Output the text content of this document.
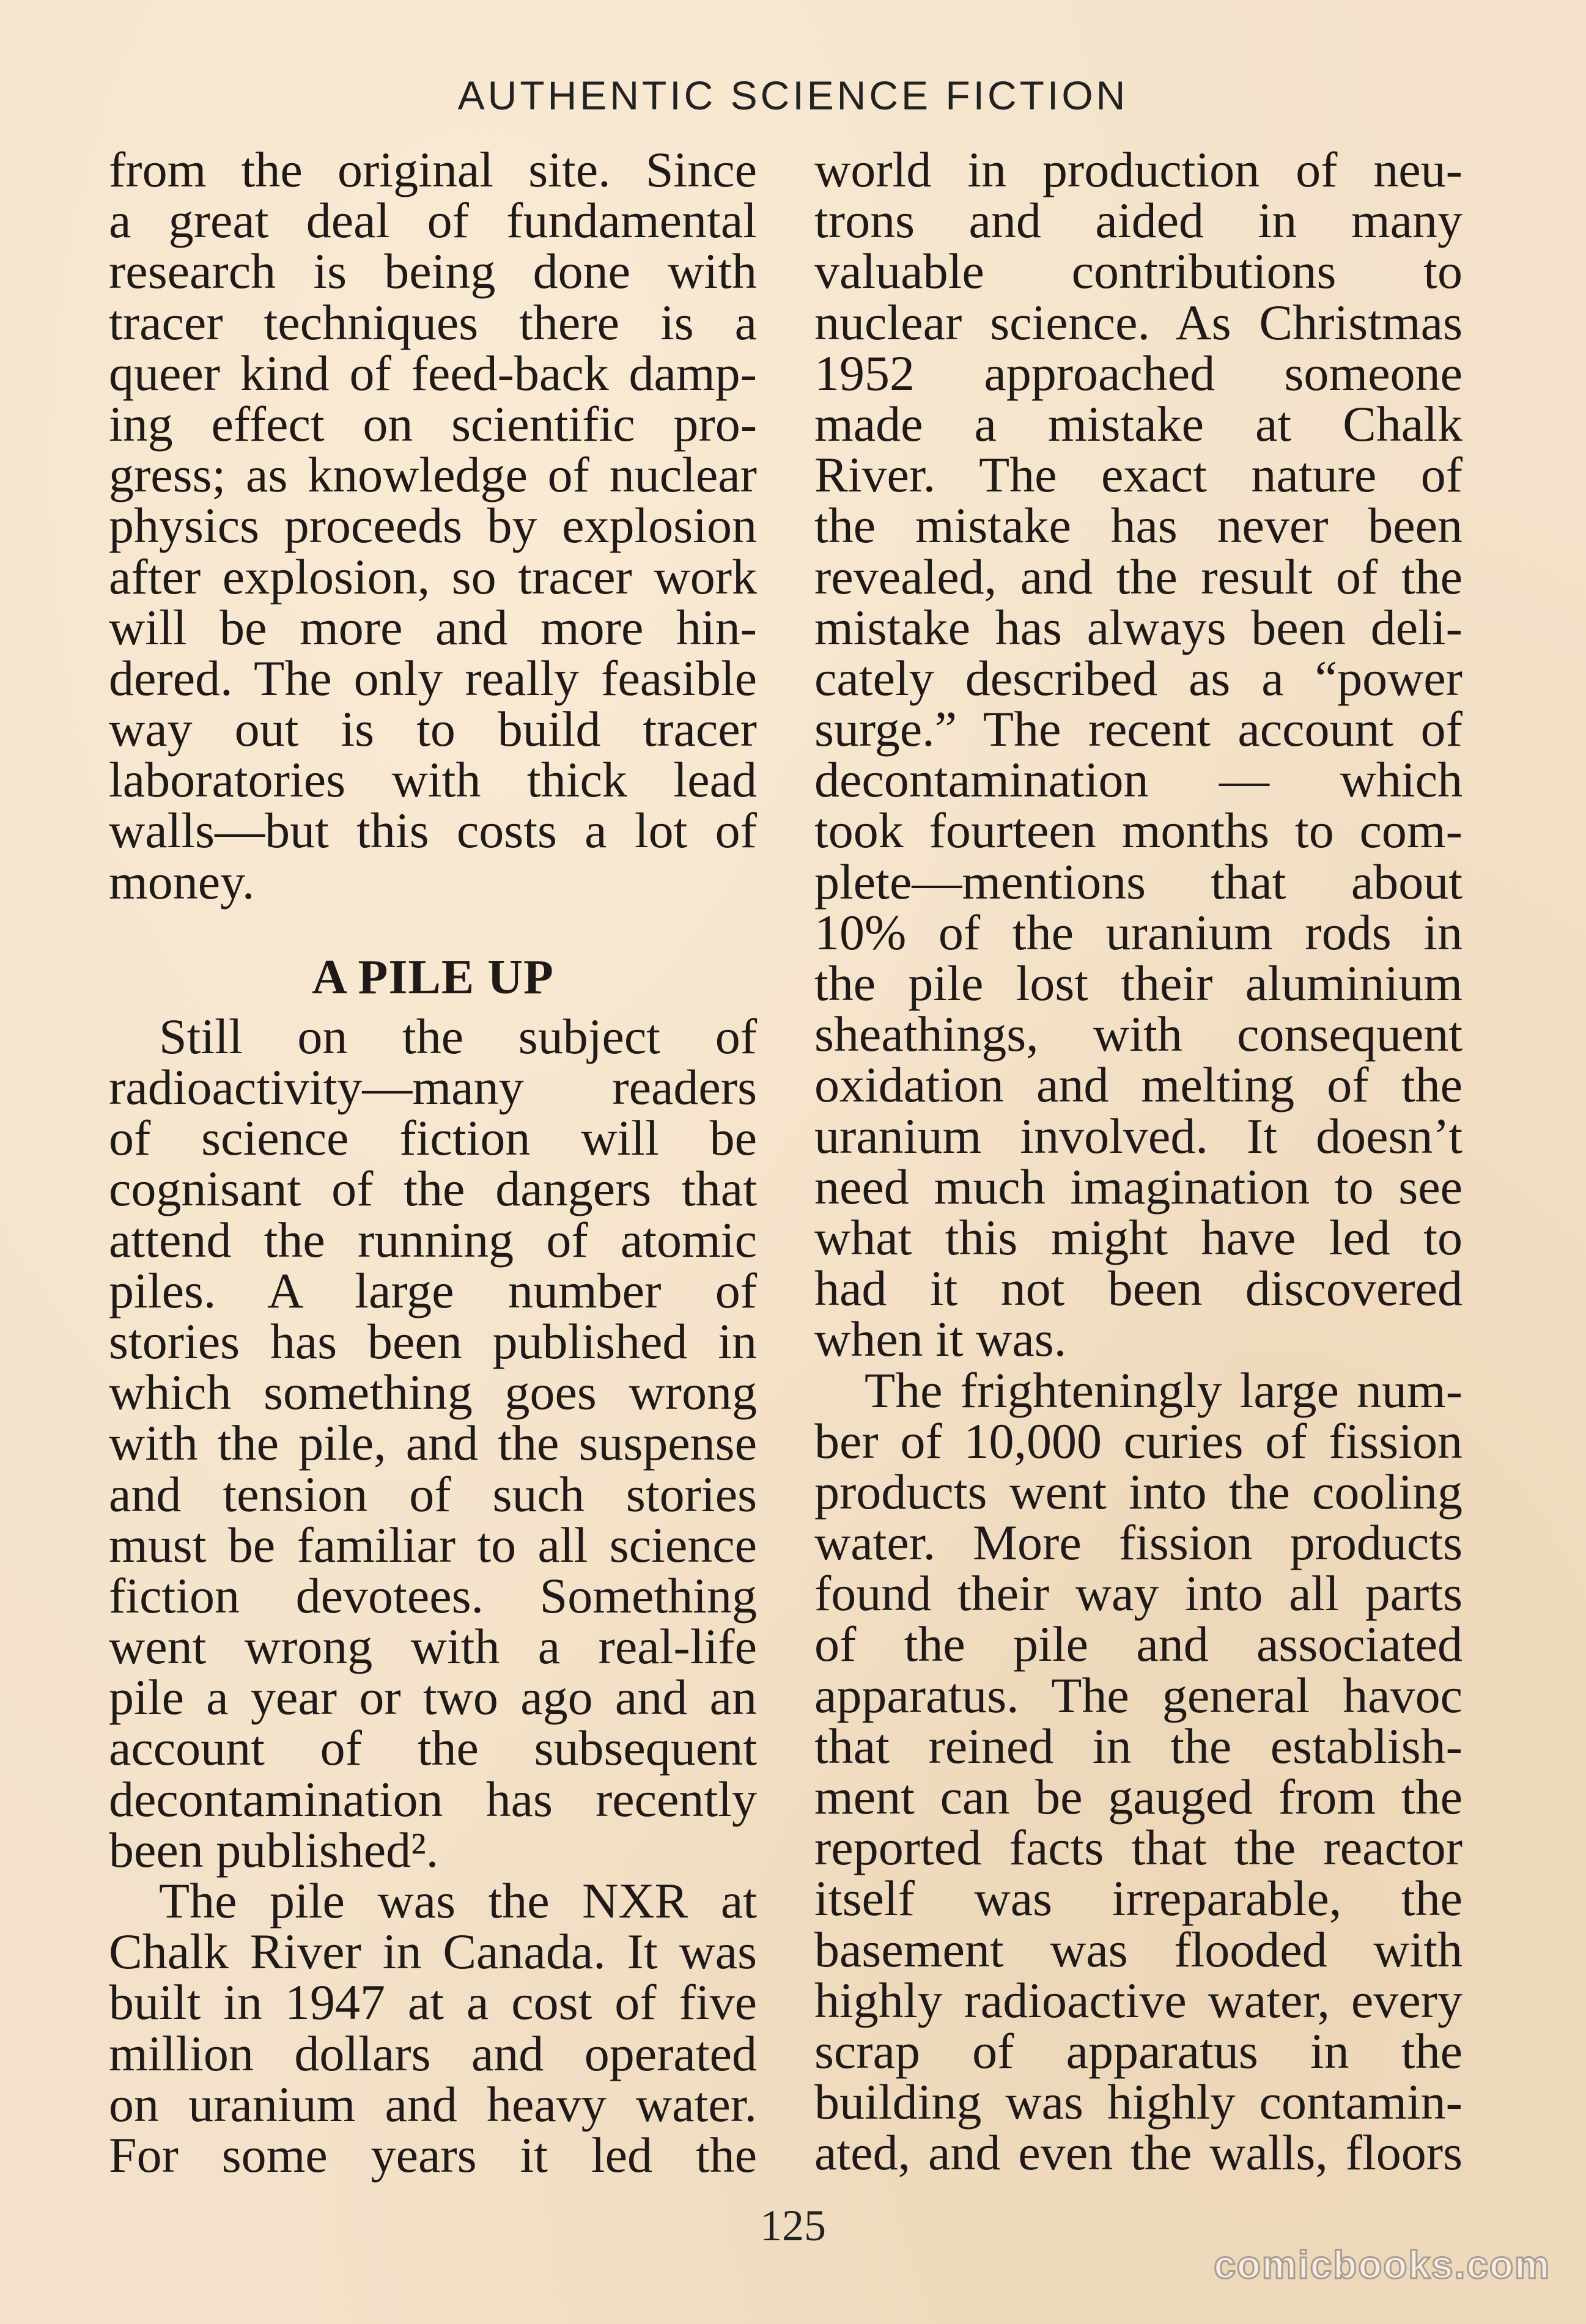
AUTHENTIC SCIENCE FICTION
from the original site. Since
a great deal of fundamental
research is being done with
tracer techniques there is a
queer kind of feed-back damp-
ing effect on scientific pro-
gress; as knowledge of nuclear
physics proceeds by explosion
after explosion, so tracer work
will be more and more hin-
dered. The only really feasible
way out is to build tracer
laboratories with thick lead
walls—but this costs a lot of
money.
A PILE UP
Still on the subject of
radioactivity—many readers
of science fiction will be
cognisant of the dangers that
attend the running of atomic
piles. A large number of
stories has been published in
which something goes wrong
with the pile, and the suspense
and tension of such stories
must be familiar to all science
fiction devotees. Something
went wrong with a real-life
pile a year or two ago and an
account of the subsequent
decontamination has recently
been published².
The pile was the NXR at
Chalk River in Canada. It was
built in 1947 at a cost of five
million dollars and operated
on uranium and heavy water.
For some years it led the
world in production of neu-
trons and aided in many
valuable contributions to
nuclear science. As Christmas
1952 approached someone
made a mistake at Chalk
River. The exact nature of
the mistake has never been
revealed, and the result of the
mistake has always been deli-
cately described as a “power
surge.” The recent account of
decontamination — which
took fourteen months to com-
plete—mentions that about
10% of the uranium rods in
the pile lost their aluminium
sheathings, with consequent
oxidation and melting of the
uranium involved. It doesn’t
need much imagination to see
what this might have led to
had it not been discovered
when it was.
The frighteningly large num-
ber of 10,000 curies of fission
products went into the cooling
water. More fission products
found their way into all parts
of the pile and associated
apparatus. The general havoc
that reined in the establish-
ment can be gauged from the
reported facts that the reactor
itself was irreparable, the
basement was flooded with
highly radioactive water, every
scrap of apparatus in the
building was highly contamin-
ated, and even the walls, floors
125
comicbooks.com
